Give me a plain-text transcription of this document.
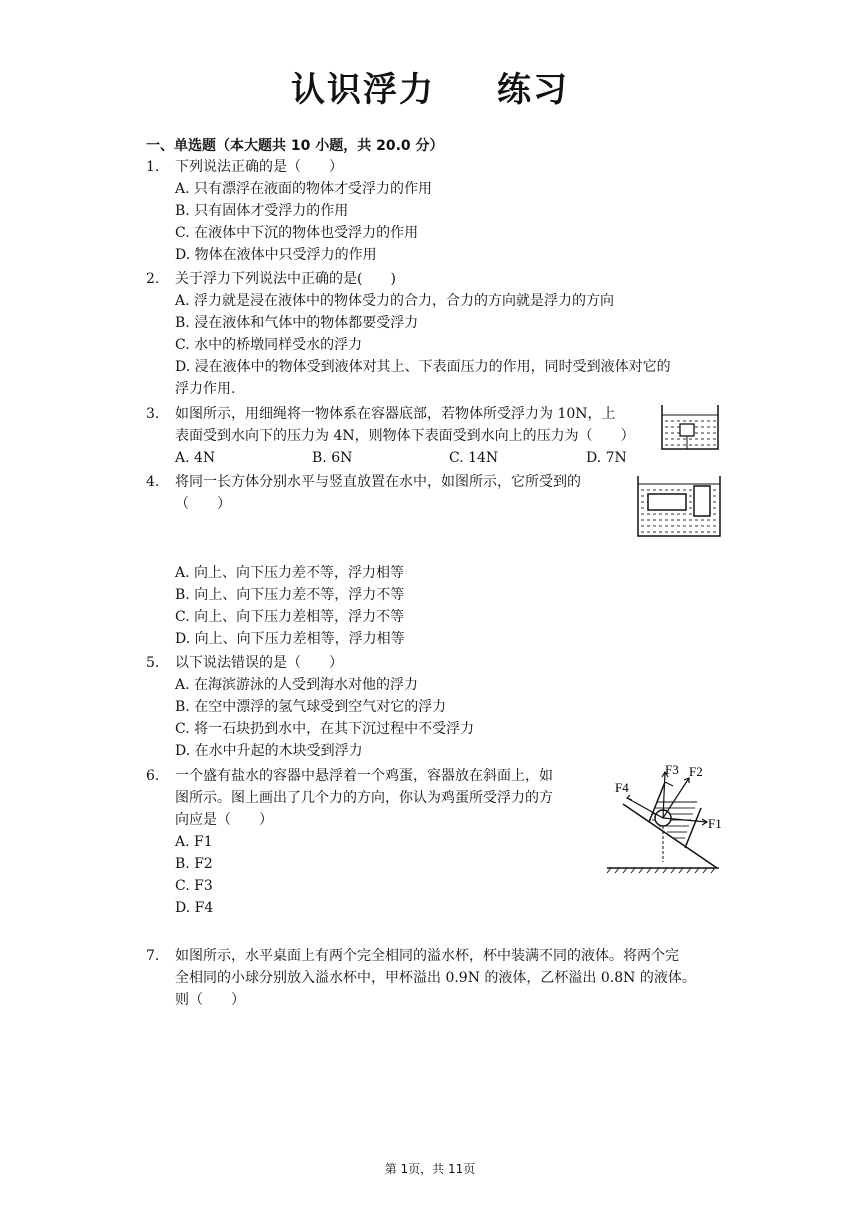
认识浮力 练习
一、单选题（本大题共 10 小题，共 20.0 分）
1. 下列说法正确的是（　　）
A. 只有漂浮在液面的物体才受浮力的作用
B. 只有固体才受浮力的作用
C. 在液体中下沉的物体也受浮力的作用
D. 物体在液体中只受浮力的作用
2. 关于浮力下列说法中正确的是(　　)
A. 浮力就是浸在液体中的物体受力的合力，合力的方向就是浮力的方向
B. 浸在液体和气体中的物体都要受浮力
C. 水中的桥墩同样受水的浮力
D. 浸在液体中的物体受到液体对其上、下表面压力的作用，同时受到液体对它的
浮力作用.
3. 如图所示，用细绳将一物体系在容器底部，若物体所受浮力为 10N，上
表面受到水向下的压力为 4N，则物体下表面受到水向上的压力为（　　）
A. 4N	B. 6N	C. 14N	D. 7N
4. 将同一长方体分别水平与竖直放置在水中，如图所示，它所受到的
（　　）
A. 向上、向下压力差不等，浮力相等
B. 向上、向下压力差不等，浮力不等
C. 向上、向下压力差相等，浮力不等
D. 向上、向下压力差相等，浮力相等
5. 以下说法错误的是（　　）
A. 在海滨游泳的人受到海水对他的浮力
B. 在空中漂浮的氢气球受到空气对它的浮力
C. 将一石块扔到水中，在其下沉过程中不受浮力
D. 在水中升起的木块受到浮力
6. 一个盛有盐水的容器中悬浮着一个鸡蛋，容器放在斜面上，如
图所示。图上画出了几个力的方向，你认为鸡蛋所受浮力的方
向应是（　　）
A. F1
B. F2
C. F3
D. F4
F1
F2
F3
F4
7. 如图所示，水平桌面上有两个完全相同的溢水杯，杯中装满不同的液体。将两个完
全相同的小球分别放入溢水杯中，甲杯溢出 0.9N 的液体，乙杯溢出 0.8N 的液体。
则（　　）
第 1页，共 11页
